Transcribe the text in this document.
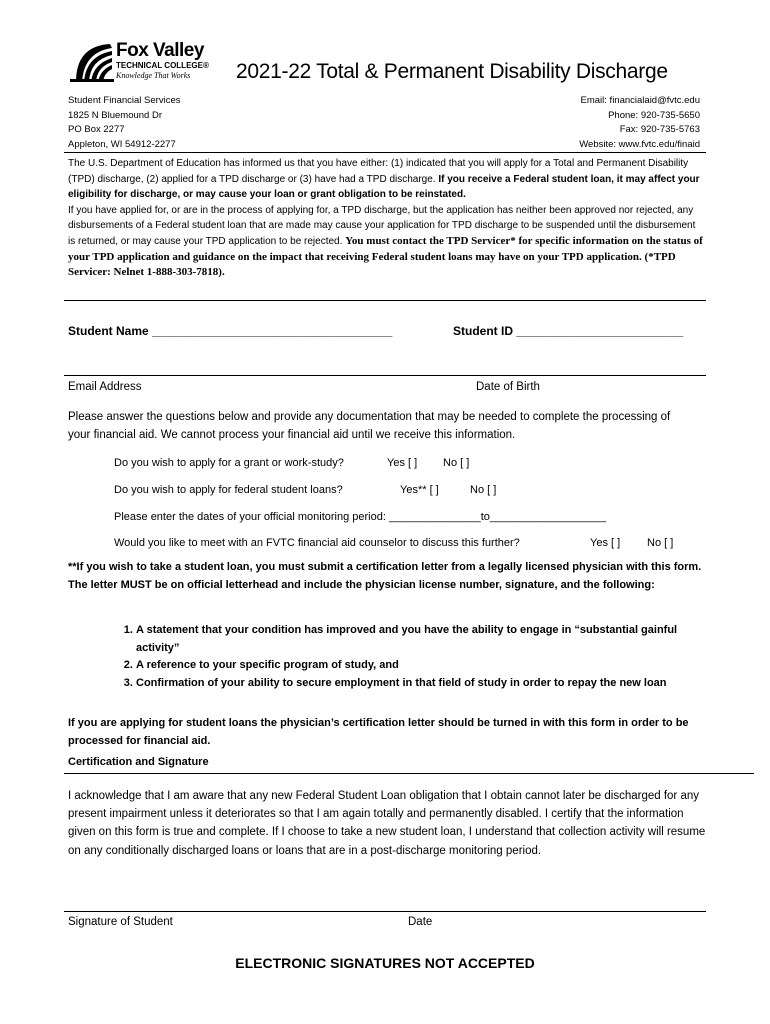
Fox Valley
TECHNICAL COLLEGE®
Knowledge That Works 2021-22 Total & Permanent Disability Discharge
Student Financial Services
1825 N Bluemound Dr
PO Box 2277
Appleton, WI 54912-2277
Email: financialaid@fvtc.edu
Phone: 920-735-5650
Fax: 920-735-5763
Website: www.fvtc.edu/finaid
The U.S. Department of Education has informed us that you have either: (1) indicated that you will apply for a Total and Permanent Disability (TPD) discharge, (2) applied for a TPD discharge or (3) have had a TPD discharge. If you receive a Federal student loan, it may affect your eligibility for discharge, or may cause your loan or grant obligation to be reinstated.
If you have applied for, or are in the process of applying for, a TPD discharge, but the application has neither been approved nor rejected, any disbursements of a Federal student loan that are made may cause your application for TPD discharge to be suspended until the disbursement is returned, or may cause your TPD application to be rejected. You must contact the TPD Servicer* for specific information on the status of your TPD application and guidance on the impact that receiving Federal student loans may have on your TPD application. (*TPD Servicer: Nelnet 1-888-303-7818).
Student Name ____________________________________	Student ID _________________________
Email Address	Date of Birth
Please answer the questions below and provide any documentation that may be needed to complete the processing of your financial aid. We cannot process your financial aid until we receive this information.
Do you wish to apply for a grant or work-study?	Yes [ ] No [ ]
Do you wish to apply for federal student loans?	Yes** [ ]	No [ ]
Please enter the dates of your official monitoring period: _______________to___________________
Would you like to meet with an FVTC financial aid counselor to discuss this further?	Yes [ ] No [ ]
**If you wish to take a student loan, you must submit a certification letter from a legally licensed physician with this form. The letter MUST be on official letterhead and include the physician license number, signature, and the following:
1. A statement that your condition has improved and you have the ability to engage in “substantial gainful activity”
2. A reference to your specific program of study, and
3. Confirmation of your ability to secure employment in that field of study in order to repay the new loan
If you are applying for student loans the physician’s certification letter should be turned in with this form in order to be processed for financial aid.
Certification and Signature
I acknowledge that I am aware that any new Federal Student Loan obligation that I obtain cannot later be discharged for any present impairment unless it deteriorates so that I am again totally and permanently disabled. I certify that the information given on this form is true and complete. If I choose to take a new student loan, I understand that collection activity will resume on any conditionally discharged loans or loans that are in a post-discharge monitoring period.
Signature of Student	Date
ELECTRONIC SIGNATURES NOT ACCEPTED
